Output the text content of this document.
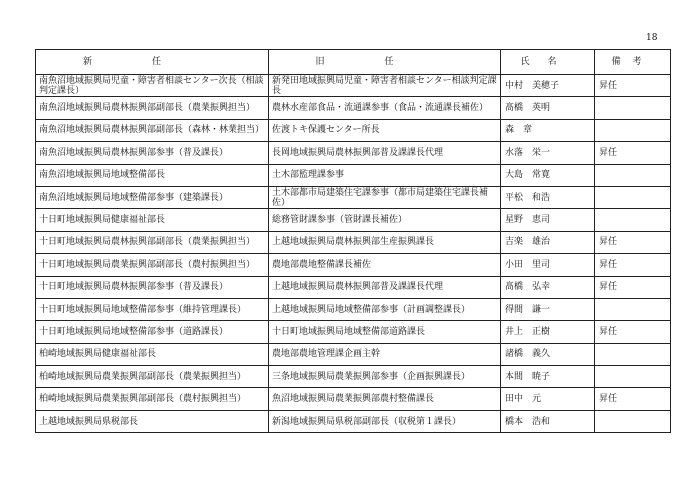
18
新任	旧任	氏名	備考
南魚沼地域振興局児童・障害者相談センター次長（相談判定課長）	新発田地域振興局児童・障害者相談センター相談判定課長	中村　美穂子	昇任
南魚沼地域振興局農林振興部副部長（農業振興担当）	農林水産部食品・流通課参事（食品・流通課長補佐）	髙橋　英明	
南魚沼地域振興局農林振興部副部長（森林・林業担当）	佐渡トキ保護センター所長	森　章	
南魚沼地域振興局農林振興部参事（普及課長）	長岡地域振興局農林振興部普及課課長代理	水落　栄一	昇任
南魚沼地域振興局地域整備部長	土木部監理課参事	大島　常寛	
南魚沼地域振興局地域整備部参事（建築課長）	土木部都市局建築住宅課参事（都市局建築住宅課長補佐）	平松　和浩	
十日町地域振興局健康福祉部長	総務管財課参事（管財課長補佐）	星野　恵司	
十日町地域振興局農林振興部副部長（農業振興担当）	上越地域振興局農林振興部生産振興課長	吉楽　雄治	昇任
十日町地域振興局農業振興部副部長（農村振興担当）	農地部農地整備課長補佐	小田　里司	昇任
十日町地域振興局農林振興部参事（普及課長）	上越地域振興局農林振興部普及課課長代理	髙橋　弘幸	昇任
十日町地域振興局地域整備部参事（維持管理課長）	上越地域振興局地域整備部参事（計画調整課長）	得間　謙一	
十日町地域振興局地域整備部参事（道路課長）	十日町地域振興局地域整備部道路課長	井上　正樹	昇任
柏崎地域振興局健康福祉部長	農地部農地管理課企画主幹	諸橋　義久	
柏崎地域振興局農業振興部副部長（農業振興担当）	三条地域振興局農業振興部参事（企画振興課長）	本間　暁子	
柏崎地域振興局農業振興部副部長（農村振興担当）	魚沼地域振興局農業振興部農村整備課長	田中　元	昇任
上越地域振興局県税部長	新潟地域振興局県税部副部長（収税第１課長）	橋本　浩和	
